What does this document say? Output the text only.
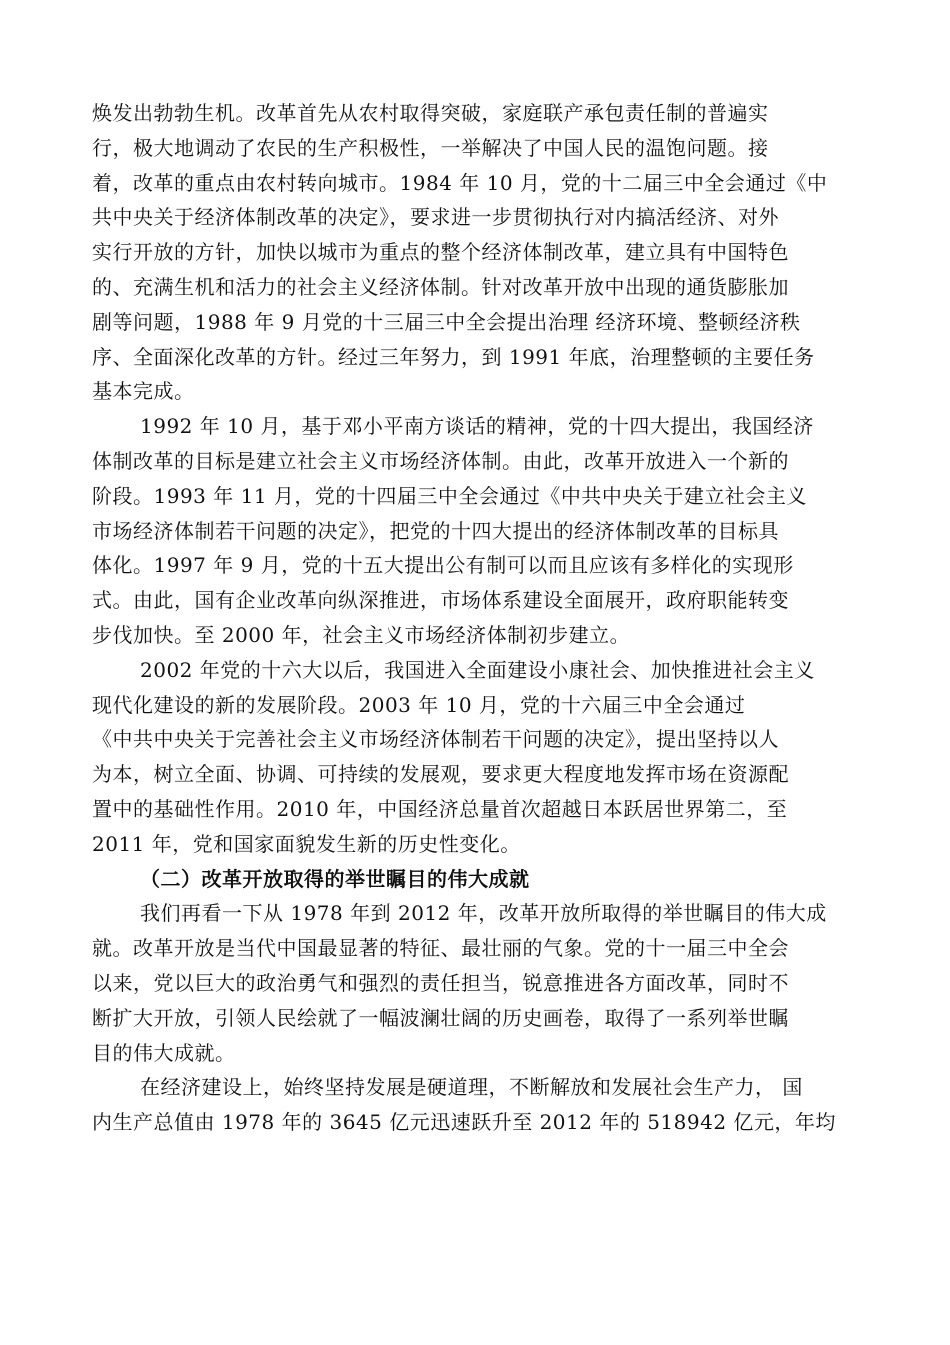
焕发出勃勃生机。改革首先从农村取得突破，家庭联产承包责任制的普遍实
行，极大地调动了农民的生产积极性，一举解决了中国人民的温饱问题。接
着，改革的重点由农村转向城市。1984 年 10 月，党的十二届三中全会通过《中
共中央关于经济体制改革的决定》，要求进一步贯彻执行对内搞活经济、对外
实行开放的方针，加快以城市为重点的整个经济体制改革，建立具有中国特色
的、充满生机和活力的社会主义经济体制。针对改革开放中出现的通货膨胀加
剧等问题，1988 年 9 月党的十三届三中全会提出治理 经济环境、整顿经济秩
序、全面深化改革的方针。经过三年努力，到 1991 年底，治理整顿的主要任务
基本完成。
1992 年 10 月，基于邓小平南方谈话的精神，党的十四大提出，我国经济
体制改革的目标是建立社会主义市场经济体制。由此，改革开放进入一个新的
阶段。1993 年 11 月，党的十四届三中全会通过《中共中央关于建立社会主义
市场经济体制若干问题的决定》，把党的十四大提出的经济体制改革的目标具
体化。1997 年 9 月，党的十五大提出公有制可以而且应该有多样化的实现形
式。由此，国有企业改革向纵深推进，市场体系建设全面展开，政府职能转变
步伐加快。至 2000 年，社会主义市场经济体制初步建立。
2002 年党的十六大以后，我国进入全面建设小康社会、加快推进社会主义
现代化建设的新的发展阶段。2003 年 10 月，党的十六届三中全会通过
《中共中央关于完善社会主义市场经济体制若干问题的决定》，提出坚持以人
为本，树立全面、协调、可持续的发展观，要求更大程度地发挥市场在资源配
置中的基础性作用。2010 年，中国经济总量首次超越日本跃居世界第二，至
2011 年，党和国家面貌发生新的历史性变化。
（二）改革开放取得的举世瞩目的伟大成就
我们再看一下从 1978 年到 2012 年，改革开放所取得的举世瞩目的伟大成
就。改革开放是当代中国最显著的特征、最壮丽的气象。党的十一届三中全会
以来，党以巨大的政治勇气和强烈的责任担当，锐意推进各方面改革，同时不
断扩大开放，引领人民绘就了一幅波澜壮阔的历史画卷，取得了一系列举世瞩
目的伟大成就。
在经济建设上，始终坚持发展是硬道理，不断解放和发展社会生产力， 国
内生产总值由 1978 年的 3645 亿元迅速跃升至 2012 年的 518942 亿元，年均
